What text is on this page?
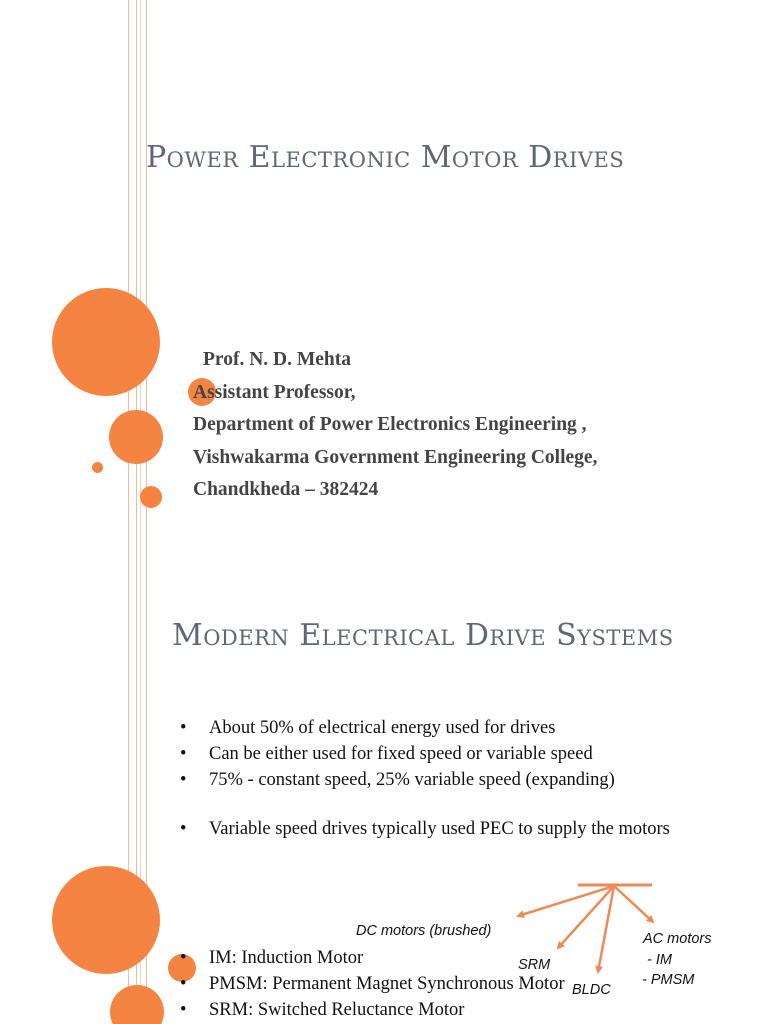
Power Electronic Motor Drives
Prof. N. D. Mehta
Assistant Professor,
Department of Power Electronics Engineering ,
Vishwakarma Government Engineering College,
Chandkheda – 382424
Modern Electrical Drive Systems
• About 50% of electrical energy used for drives
• Can be either used for fixed speed or variable speed
• 75% - constant speed, 25% variable speed (expanding)
• Variable speed drives typically used PEC to supply the motors
• IM: Induction Motor
• PMSM: Permanent Magnet Synchronous Motor
• SRM: Switched Reluctance Motor
DC motors (brushed)
SRM
BLDC
AC motors
- IM
- PMSM
